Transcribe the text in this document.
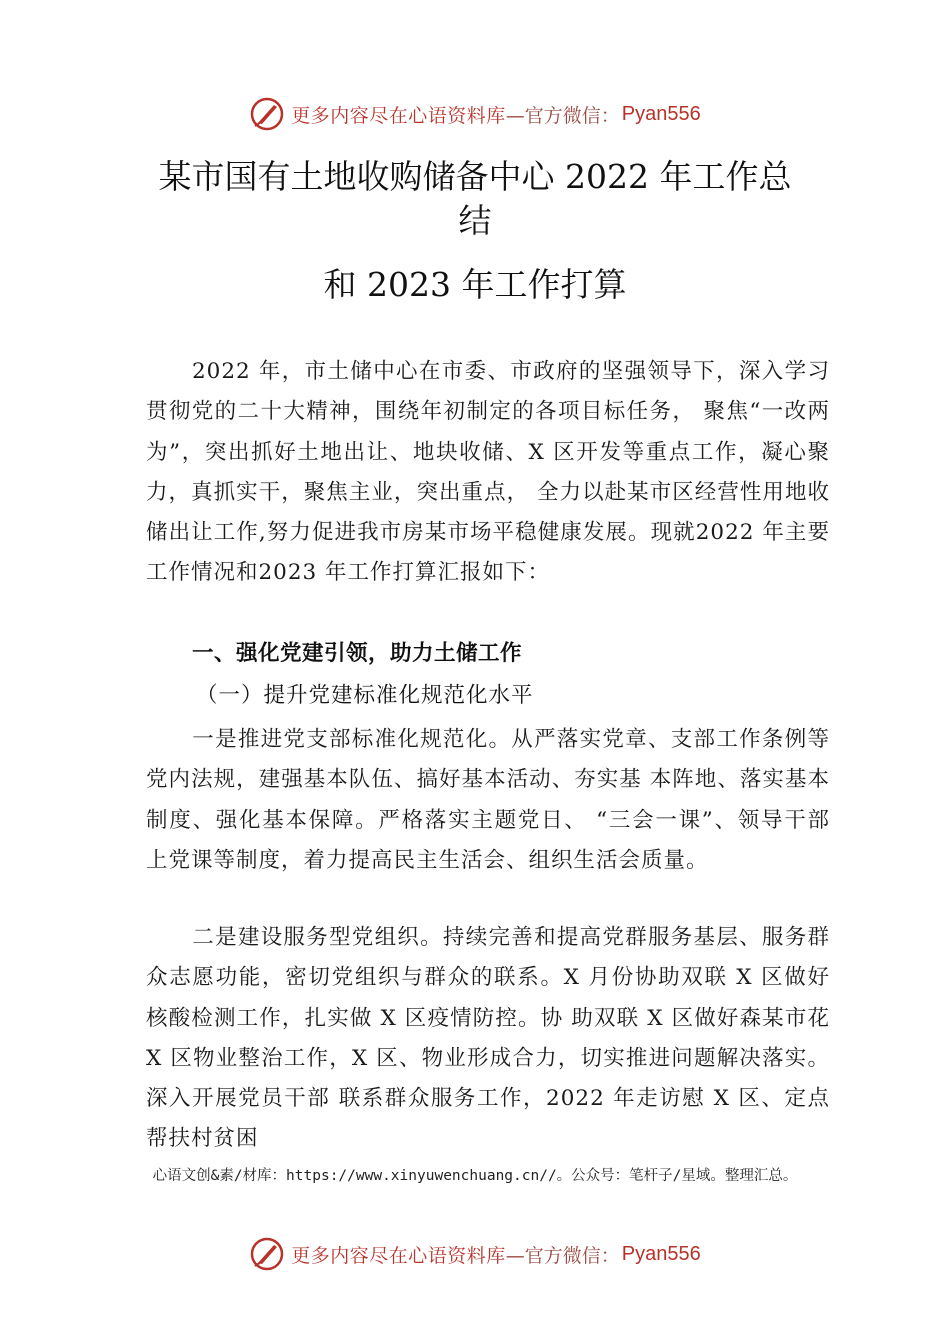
更多内容尽在心语资料库 —官方微信： Pyan556
某市国有土地收购储备中心 2022 年工作总
结
和 2023 年工作打算
2022 年，市土储中心在市委、市政府的坚强领导下，深入学习贯彻党的二十大精神，围绕年初制定的各项目标任务， 聚焦“一改两为”，突出抓好土地出让、地块收储、X 区开发等重点工作，凝心聚力，真抓实干，聚焦主业，突出重点， 全力以赴某市区经营性用地收储出让工作,努力促进我市房某市场平稳健康发展。现就2022 年主要工作情况和2023 年工作打算汇报如下：
一、强化党建引领，助力土储工作
（一）提升党建标准化规范化水平
一是推进党支部标准化规范化。从严落实党章、支部工作条例等党内法规，建强基本队伍、搞好基本活动、夯实基 本阵地、落实基本制度、强化基本保障。严格落实主题党日、 “三会一课”、领导干部上党课等制度，着力提高民主生活会、组织生活会质量。
二是建设服务型党组织。持续完善和提高党群服务基层、服务群众志愿功能，密切党组织与群众的联系。X 月份协助双联 X 区做好核酸检测工作，扎实做 X 区疫情防控。协 助双联 X 区做好森某市花 X 区物业整治工作，X 区、物业形成合力，切实推进问题解决落实。深入开展党员干部 联系群众服务工作，2022 年走访慰 X 区、定点帮扶村贫困
心语文创&素/材库：https://www.xinyuwenchuang.cn//。公众号：笔杆子/星域。整理汇总。
更多内容尽在心语资料库 —官方微信： Pyan556
